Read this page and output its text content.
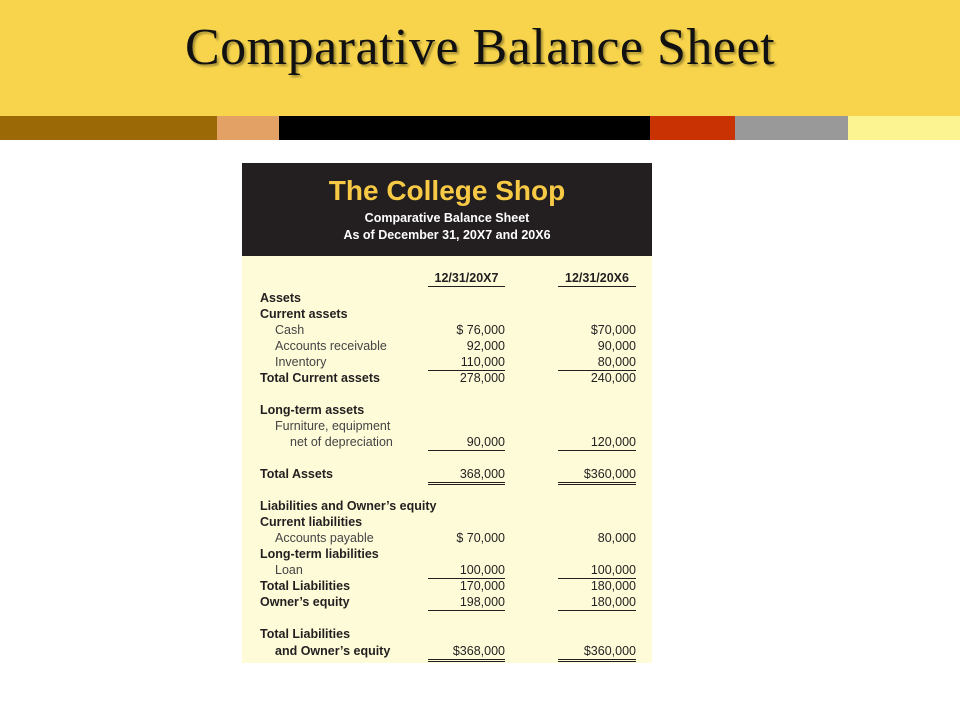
Comparative Balance Sheet
The College Shop
Comparative Balance Sheet
As of December 31, 20X7 and 20X6
12/31/20X7	12/31/20X6
Assets
Current assets
Cash	$ 76,000	$70,000
Accounts receivable	92,000	90,000
Inventory	110,000	80,000
Total Current assets	278,000	240,000
Long-term assets
Furniture, equipment
net of depreciation	90,000	120,000
Total Assets	368,000	$360,000
Liabilities and Owner’s equity
Current liabilities
Accounts payable	$ 70,000	80,000
Long-term liabilities
Loan	100,000	100,000
Total Liabilities	170,000	180,000
Owner’s equity	198,000	180,000
Total Liabilities
and Owner’s equity	$368,000	$360,000
